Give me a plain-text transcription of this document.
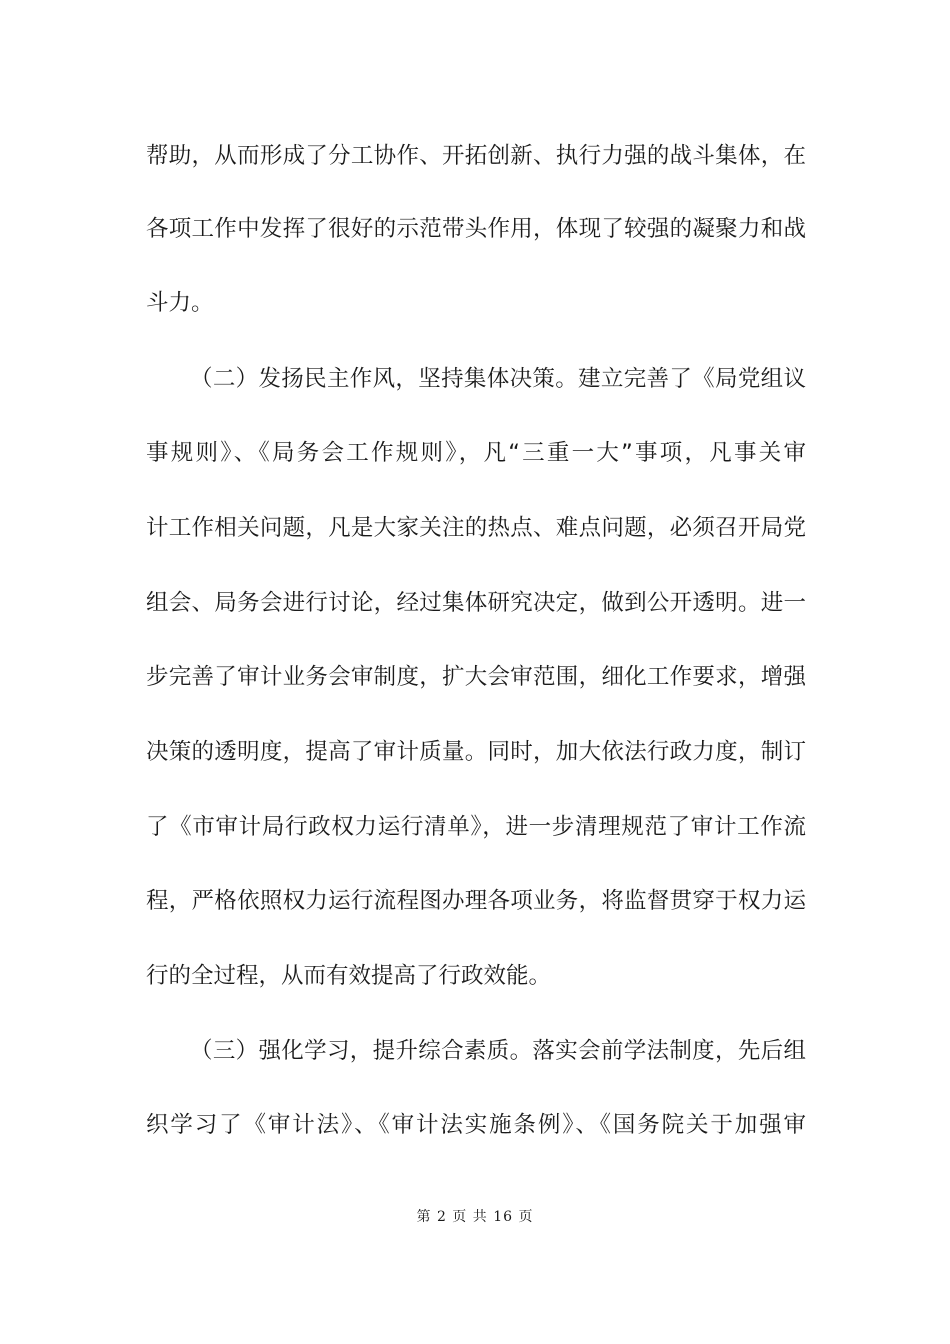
帮助，从而形成了分工协作、开拓创新、执行力强的战斗集体，在
各项工作中发挥了很好的示范带头作用，体现了较强的凝聚力和战
斗力。
（二）发扬民主作风，坚持集体决策。建立完善了《局党组议
事规则》、《局务会工作规则》，凡“三重一大”事项，凡事关审
计工作相关问题，凡是大家关注的热点、难点问题，必须召开局党
组会、局务会进行讨论，经过集体研究决定，做到公开透明。进一
步完善了审计业务会审制度，扩大会审范围，细化工作要求，增强
决策的透明度，提高了审计质量。同时，加大依法行政力度，制订
了《市审计局行政权力运行清单》，进一步清理规范了审计工作流
程，严格依照权力运行流程图办理各项业务，将监督贯穿于权力运
行的全过程，从而有效提高了行政效能。
（三）强化学习，提升综合素质。落实会前学法制度，先后组
织学习了《审计法》、《审计法实施条例》、《国务院关于加强审
第 2 页 共 16 页
